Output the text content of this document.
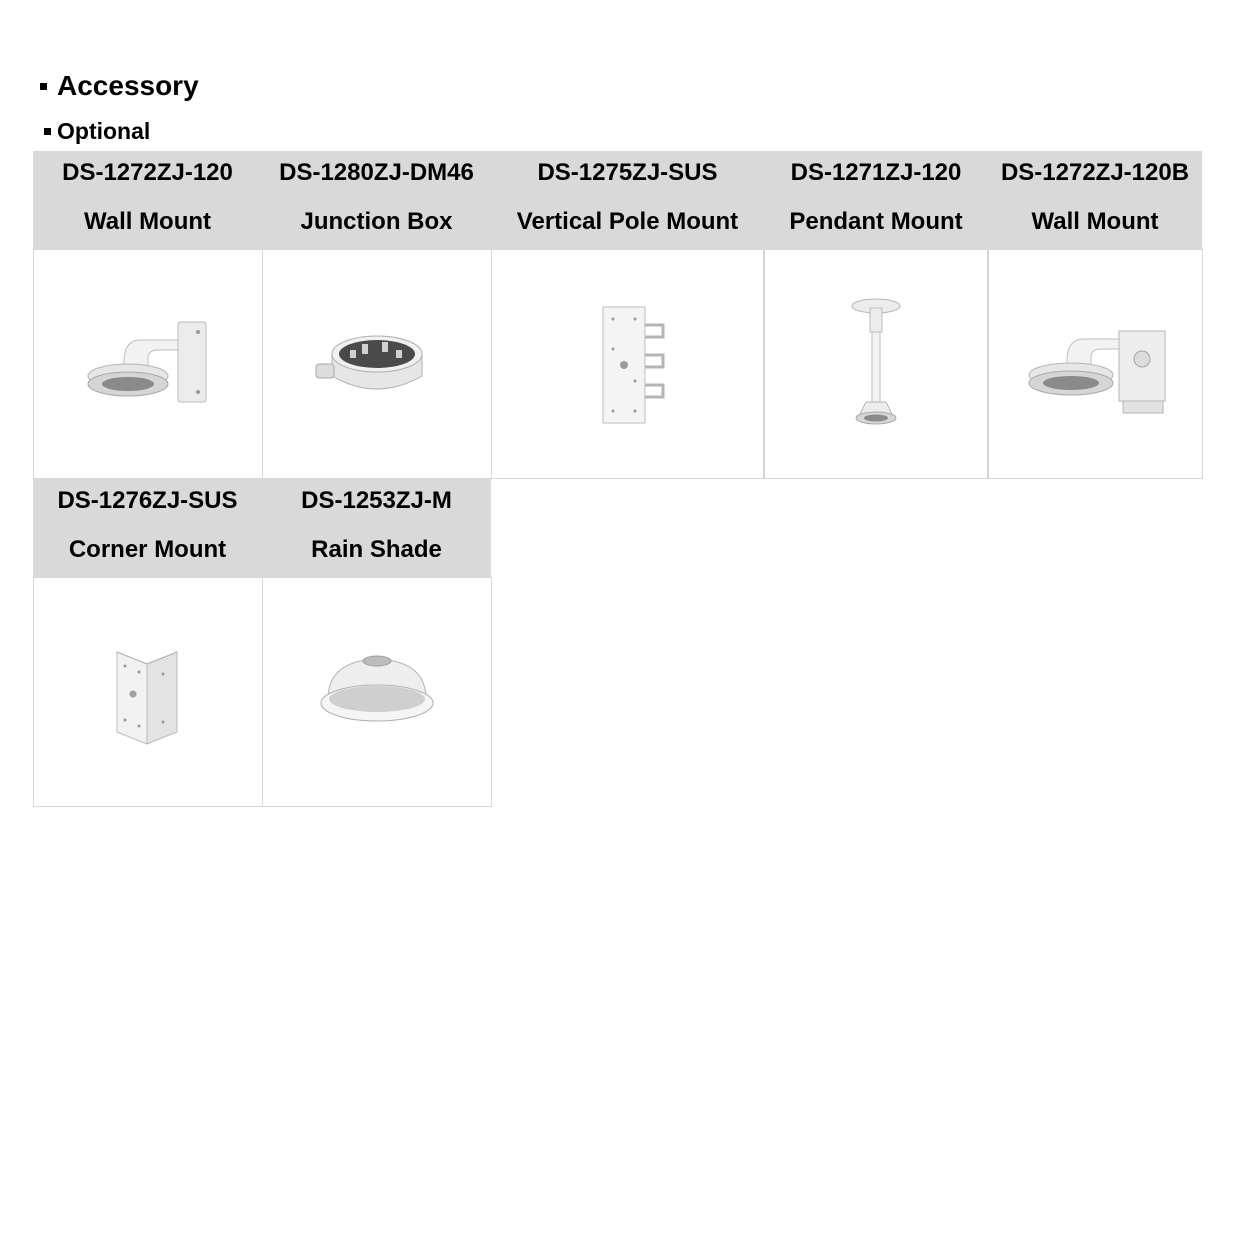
Accessory
Optional
DS-1272ZJ-120
Wall Mount
DS-1280ZJ-DM46
Junction Box
DS-1275ZJ-SUS
Vertical Pole Mount
DS-1271ZJ-120
Pendant Mount
DS-1272ZJ-120B
Wall Mount
DS-1276ZJ-SUS
Corner Mount
DS-1253ZJ-M
Rain Shade
